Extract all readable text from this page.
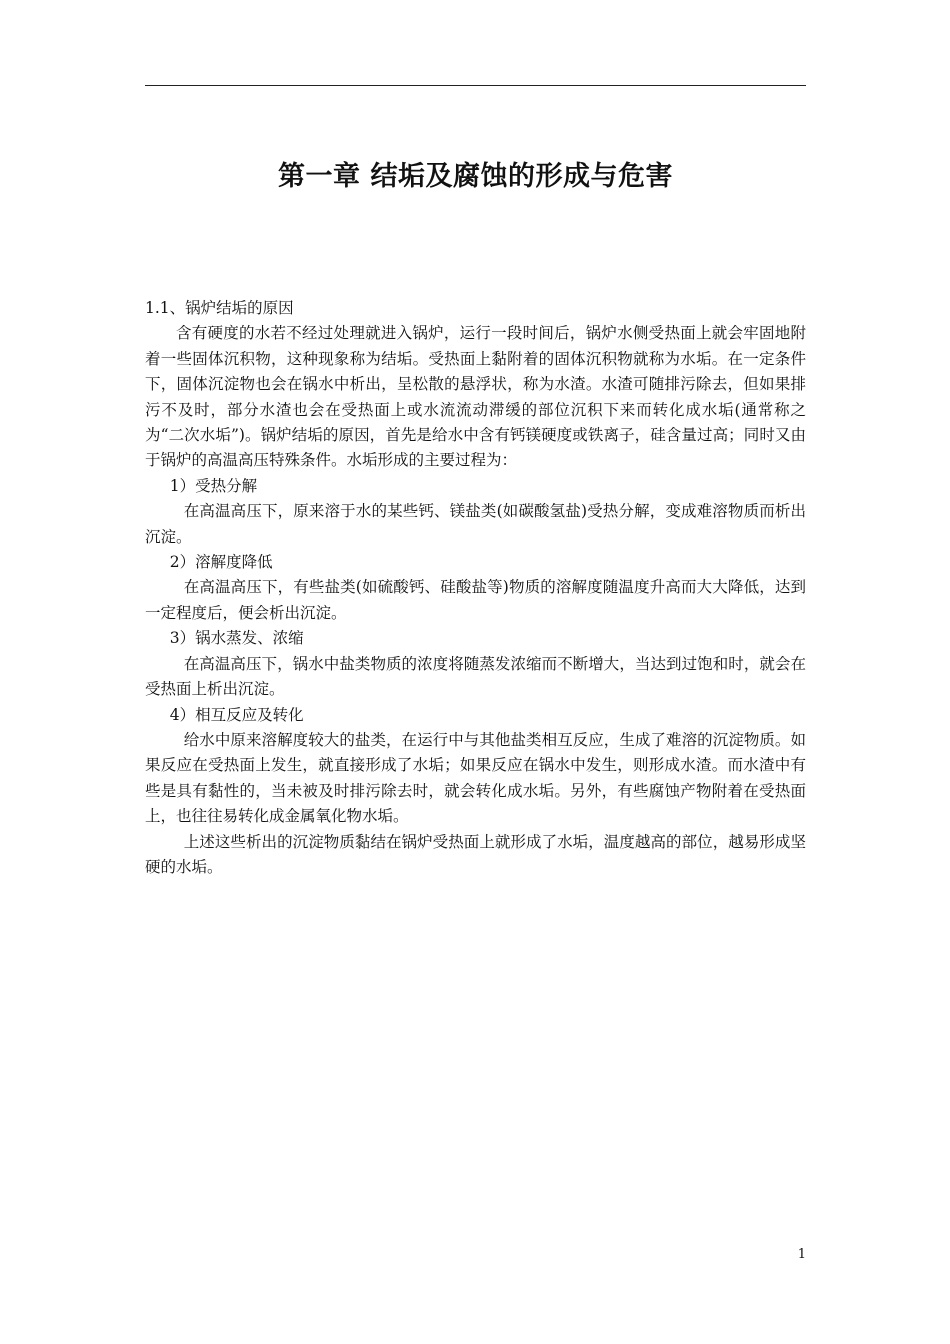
第一章 结垢及腐蚀的形成与危害

1.1、锅炉结垢的原因

含有硬度的水若不经过处理就进入锅炉，运行一段时间后，锅炉水侧受热面上就会牢固地附着一些固体沉积物，这种现象称为结垢。受热面上黏附着的固体沉积物就称为水垢。在一定条件下，固体沉淀物也会在锅水中析出，呈松散的悬浮状，称为水渣。水渣可随排污除去，但如果排污不及时，部分水渣也会在受热面上或水流流动滞缓的部位沉积下来而转化成水垢(通常称之为“二次水垢”)。锅炉结垢的原因，首先是给水中含有钙镁硬度或铁离子，硅含量过高；同时又由于锅炉的高温高压特殊条件。水垢形成的主要过程为：

1）受热分解

在高温高压下，原来溶于水的某些钙、镁盐类(如碳酸氢盐)受热分解，变成难溶物质而析出沉淀。

2）溶解度降低

在高温高压下，有些盐类(如硫酸钙、硅酸盐等)物质的溶解度随温度升高而大大降低，达到一定程度后，便会析出沉淀。

3）锅水蒸发、浓缩

在高温高压下，锅水中盐类物质的浓度将随蒸发浓缩而不断增大，当达到过饱和时，就会在受热面上析出沉淀。

4）相互反应及转化

给水中原来溶解度较大的盐类，在运行中与其他盐类相互反应，生成了难溶的沉淀物质。如果反应在受热面上发生，就直接形成了水垢；如果反应在锅水中发生，则形成水渣。而水渣中有些是具有黏性的，当未被及时排污除去时，就会转化成水垢。另外，有些腐蚀产物附着在受热面上，也往往易转化成金属氧化物水垢。

上述这些析出的沉淀物质黏结在锅炉受热面上就形成了水垢，温度越高的部位，越易形成坚硬的水垢。

1
